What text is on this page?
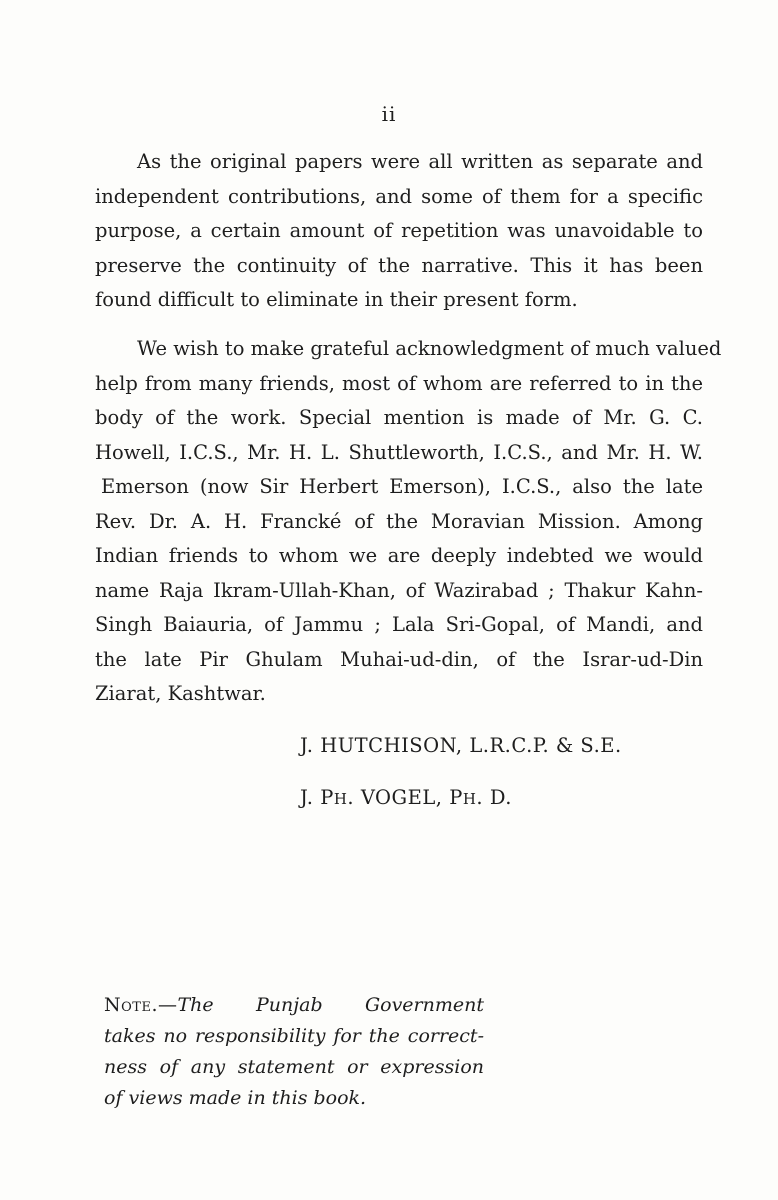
ii
As the original papers were all written as separate and
independent contributions, and some of them for a specific
purpose, a certain amount of repetition was unavoidable to
preserve the continuity of the narrative. This it has been
found difficult to eliminate in their present form.
We wish to make grateful acknowledgment of much valued
help from many friends, most of whom are referred to in the
body of the work. Special mention is made of Mr. G. C.
Howell, I.C.S., Mr. H. L. Shuttleworth, I.C.S., and Mr. H. W.
Emerson (now Sir Herbert Emerson), I.C.S., also the late
Rev. Dr. A. H. Francké of the Moravian Mission. Among
Indian friends to whom we are deeply indebted we would
name Raja Ikram-Ullah-Khan, of Wazirabad ; Thakur Kahn-
Singh Baiauria, of Jammu ; Lala Sri-Gopal, of Mandi, and
the late Pir Ghulam Muhai-ud-din, of the Israr-ud-Din
Ziarat, Kashtwar.
J. HUTCHISON, L.R.C.P. & S.E.
J. PH. VOGEL, PH. D.
Note.—The Punjab Government
takes no responsibility for the correct-
ness of any statement or expression
of views made in this book.
